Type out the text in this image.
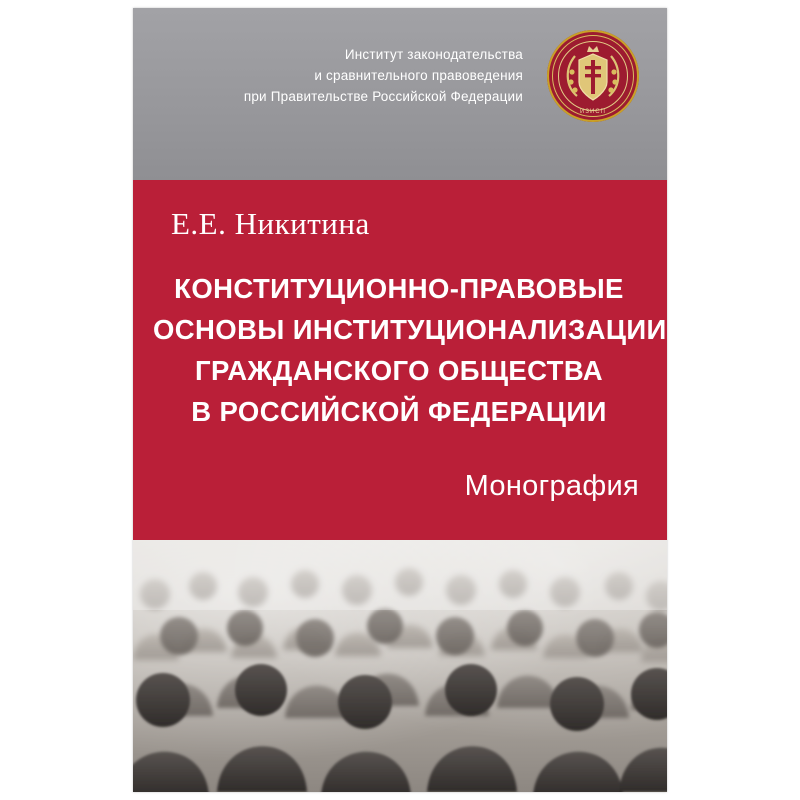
Институт законодательства
и сравнительного правоведения
при Правительстве Российской Федерации
ИЗИСП
Е.Е. Никитина
КОНСТИТУЦИОННО-ПРАВОВЫЕ
ОСНОВЫ ИНСТИТУЦИОНАЛИЗАЦИИ
ГРАЖДАНСКОГО ОБЩЕСТВА
В РОССИЙСКОЙ ФЕДЕРАЦИИ
Монография
